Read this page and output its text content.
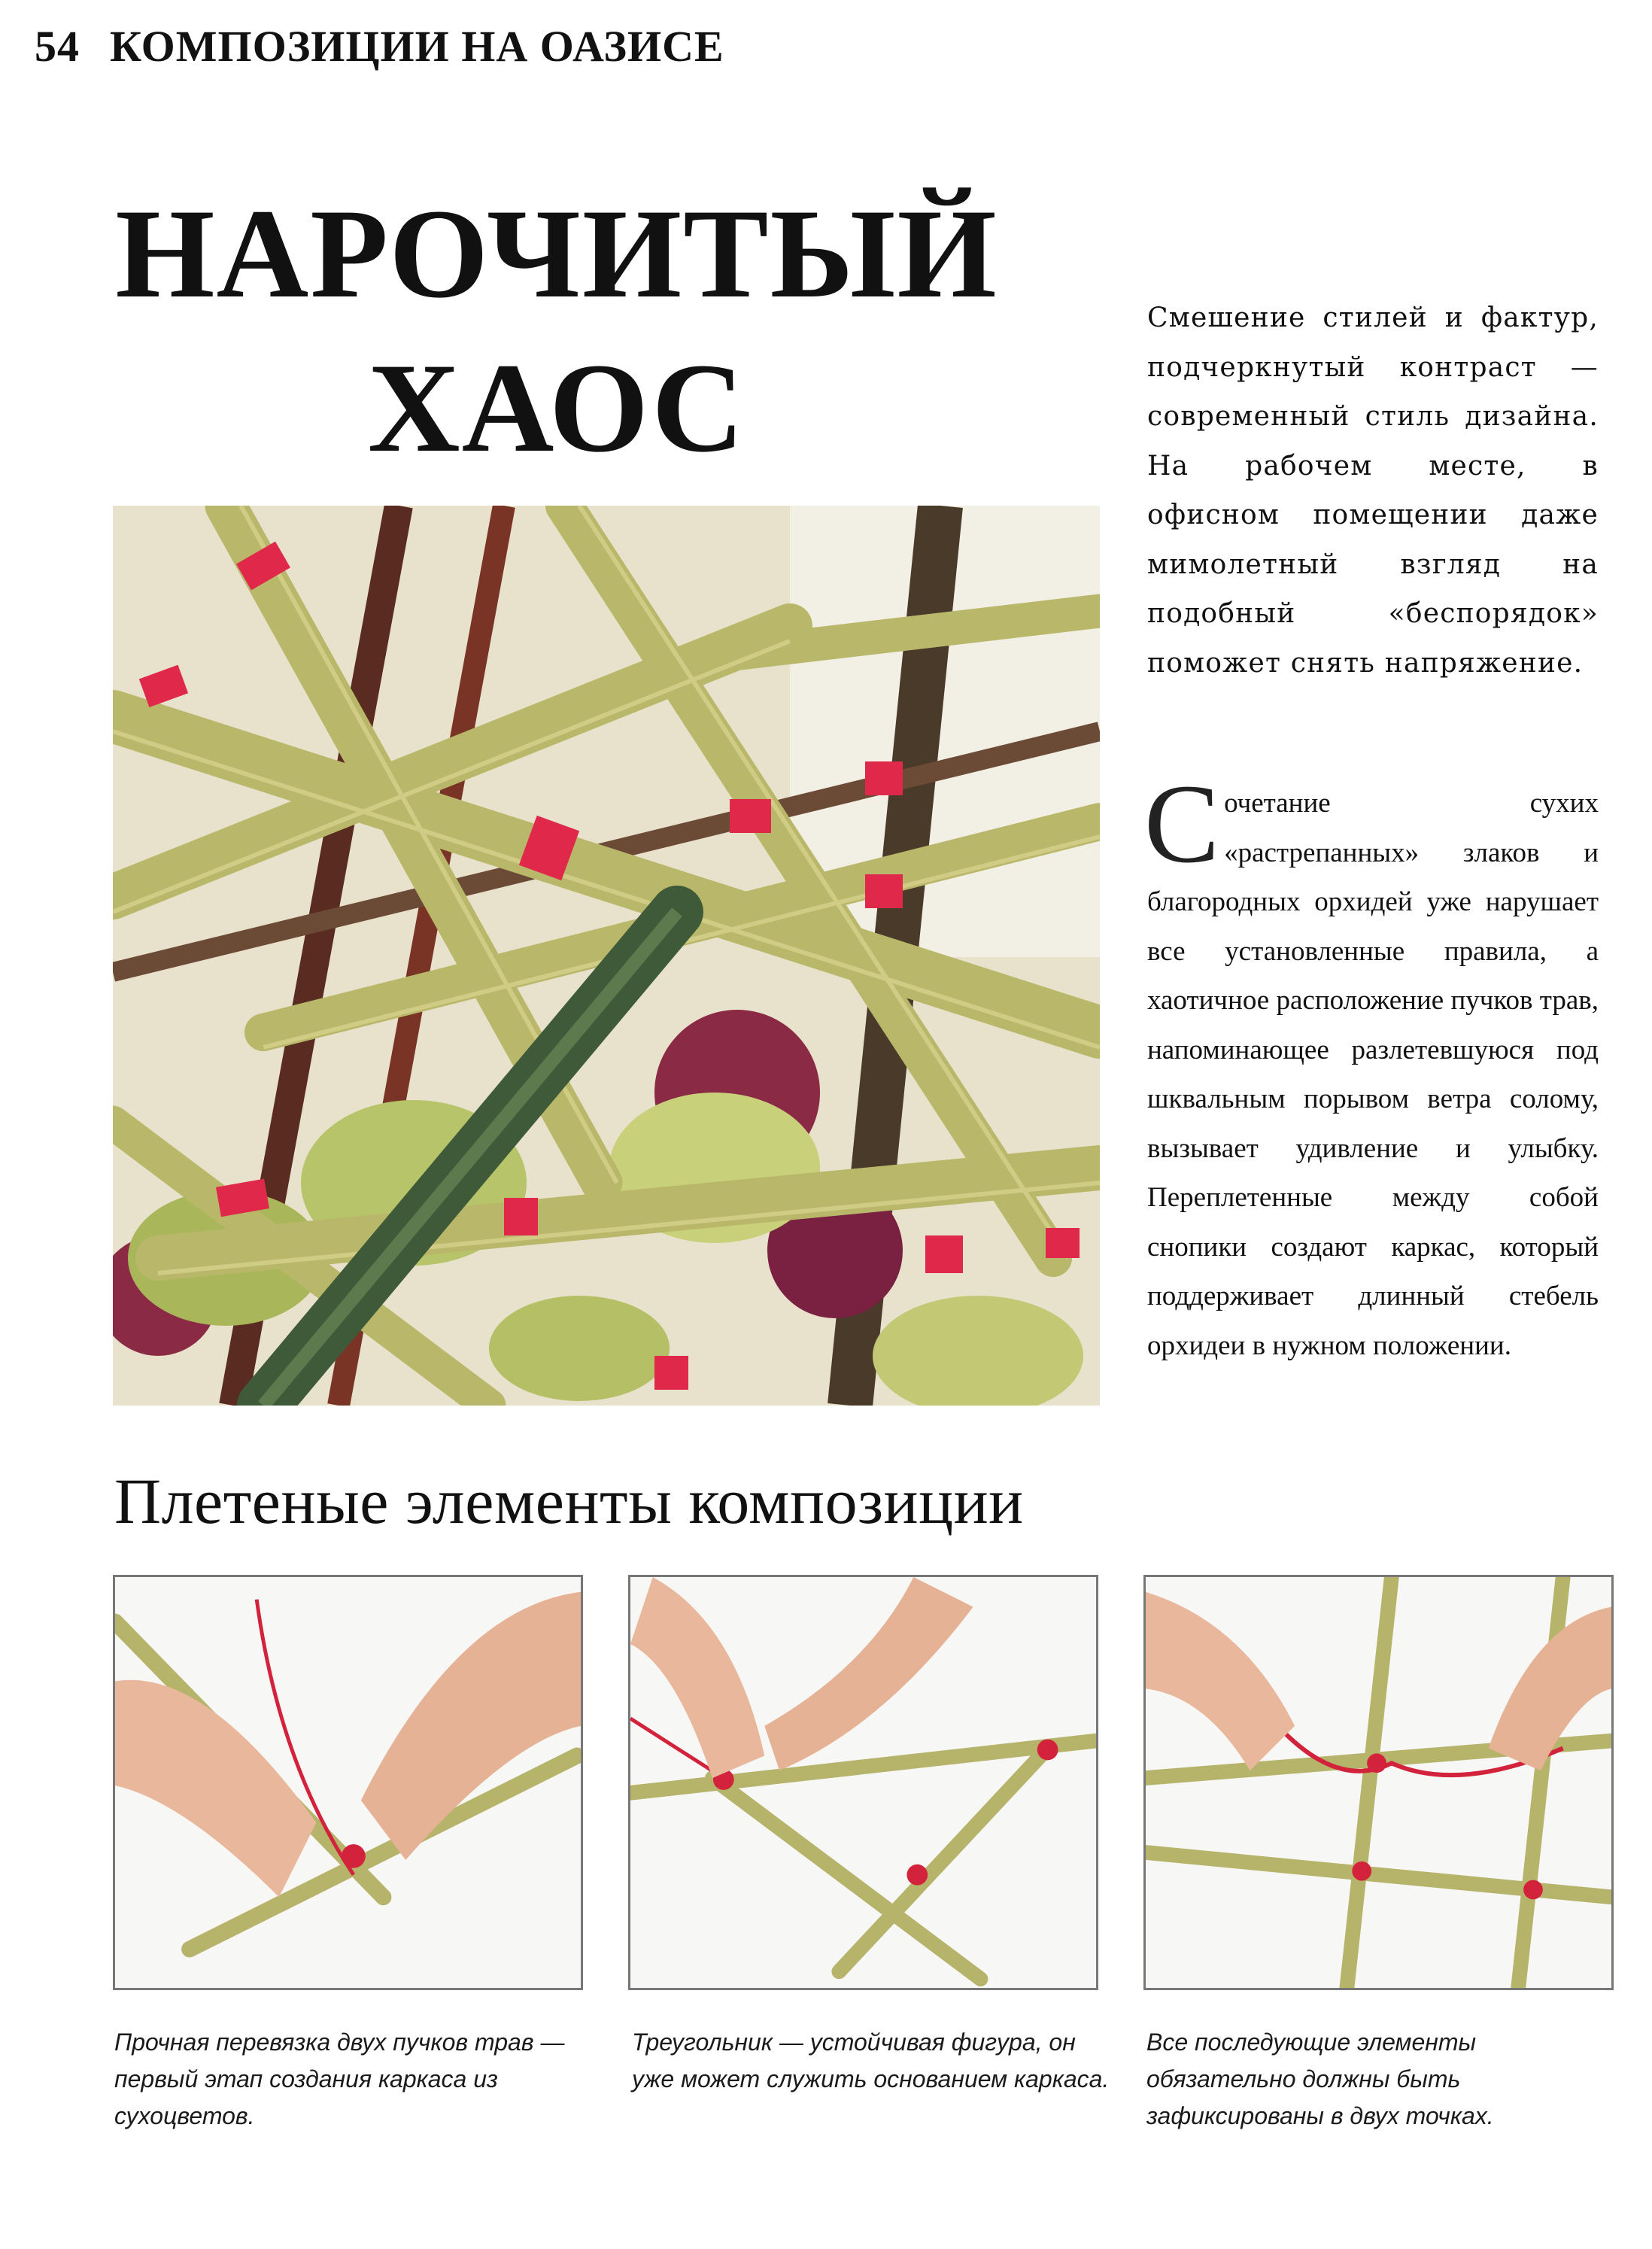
54 КОМПОЗИЦИИ НА ОАЗИСЕ
НАРОЧИТЫЙ
ХАОС
Смешение стилей и фактур, подчеркнутый контраст — современный стиль дизайна. На рабочем месте, в офисном помещении даже мимолетный взгляд на подобный «беспорядок» поможет снять напряжение.
Сочетание сухих «растрепанных» злаков и благородных орхидей уже нарушает все установленные правила, а хаотичное расположение пучков трав, напоминающее разлетевшуюся под шквальным порывом ветра солому, вызывает удивление и улыбку. Переплетенные между собой снопики создают каркас, который поддерживает длинный стебель орхидеи в нужном положении.
Плетеные элементы композиции
Прочная перевязка двух пучков трав — первый этап создания каркаса из сухоцветов.
Треугольник — устойчивая фигура, он уже может служить основанием каркаса.
Все последующие элементы обязательно должны быть зафиксированы в двух точках.
